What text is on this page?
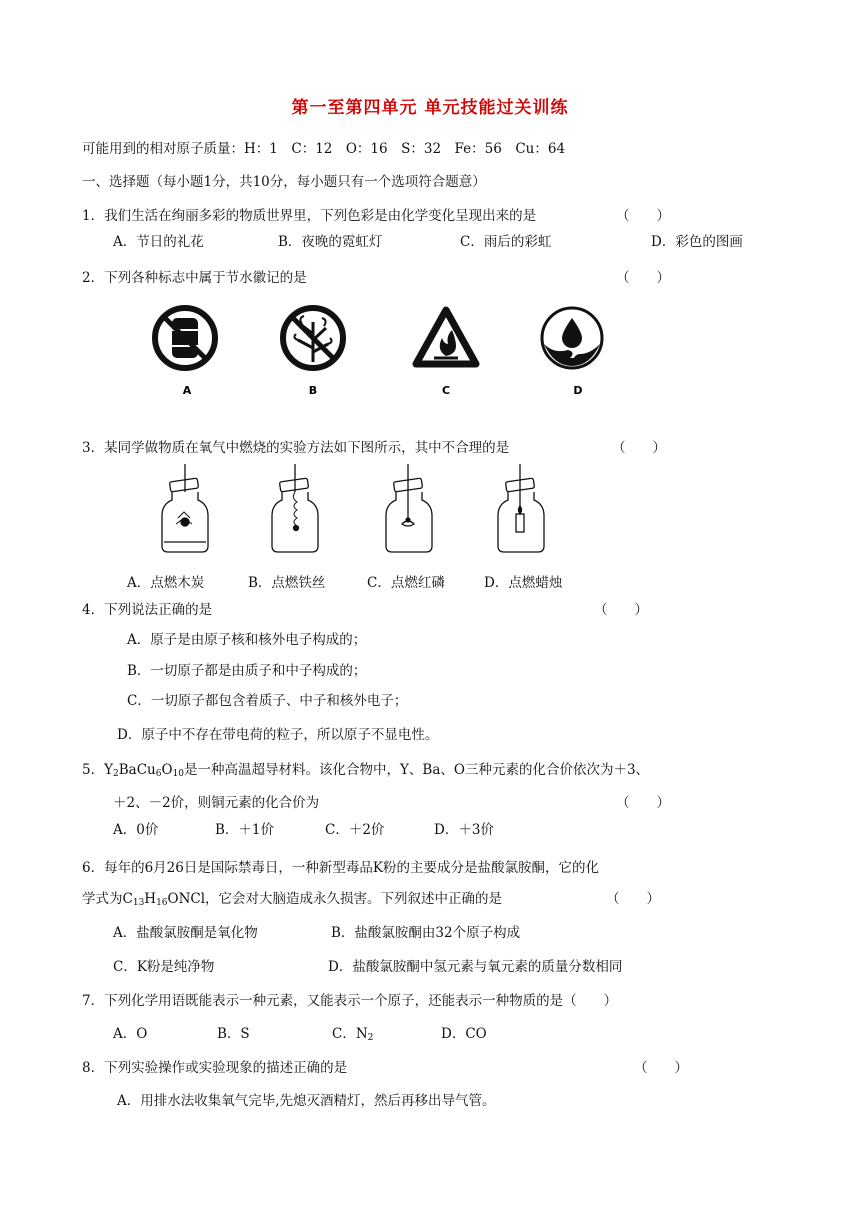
第一至第四单元 单元技能过关训练
可能用到的相对原子质量：H：1　C：12　O：16　S：32　Fe：56　Cu：64
一、选择题（每小题1分，共10分，每小题只有一个选项符合题意）
1．我们生活在绚丽多彩的物质世界里，下列色彩是由化学变化呈现出来的是	（　　）
A．节日的礼花	B．夜晚的霓虹灯	C．雨后的彩虹	D．彩色的图画
2．下列各种标志中属于节水徽记的是	（　　）
A	B	C	D
3．某同学做物质在氧气中燃烧的实验方法如下图所示，其中不合理的是	（　　）
A．点燃木炭	B．点燃铁丝	C．点燃红磷	D．点燃蜡烛
4．下列说法正确的是	（　　）
A．原子是由原子核和核外电子构成的；
B．一切原子都是由质子和中子构成的；
C．一切原子都包含着质子、中子和核外电子；
D．原子中不存在带电荷的粒子，所以原子不显电性。
5．$Y_2BaCu_6O_{10}$是一种高温超导材料。该化合物中，Y、Ba、O三种元素的化合价依次为＋3、
＋2、－2价，则铜元素的化合价为	（　　）
A．0价	B．＋1价	C．＋2价	D．＋3价
6．每年的6月26日是国际禁毒日，一种新型毒品K粉的主要成分是盐酸氯胺酮，它的化
学式为$C_{13}H_{16}ONCl$，它会对大脑造成永久损害。下列叙述中正确的是	（　　）
A．盐酸氯胺酮是氧化物	B．盐酸氯胺酮由32个原子构成
C．K粉是纯净物	D．盐酸氯胺酮中氢元素与氧元素的质量分数相同
7．下列化学用语既能表示一种元素，又能表示一个原子，还能表示一种物质的是（　　）
A．O	B．S	C．$N_2$	D．CO
8．下列实验操作或实验现象的描述正确的是	（　　）
A．用排水法收集氧气完毕,先熄灭酒精灯，然后再移出导气管。
